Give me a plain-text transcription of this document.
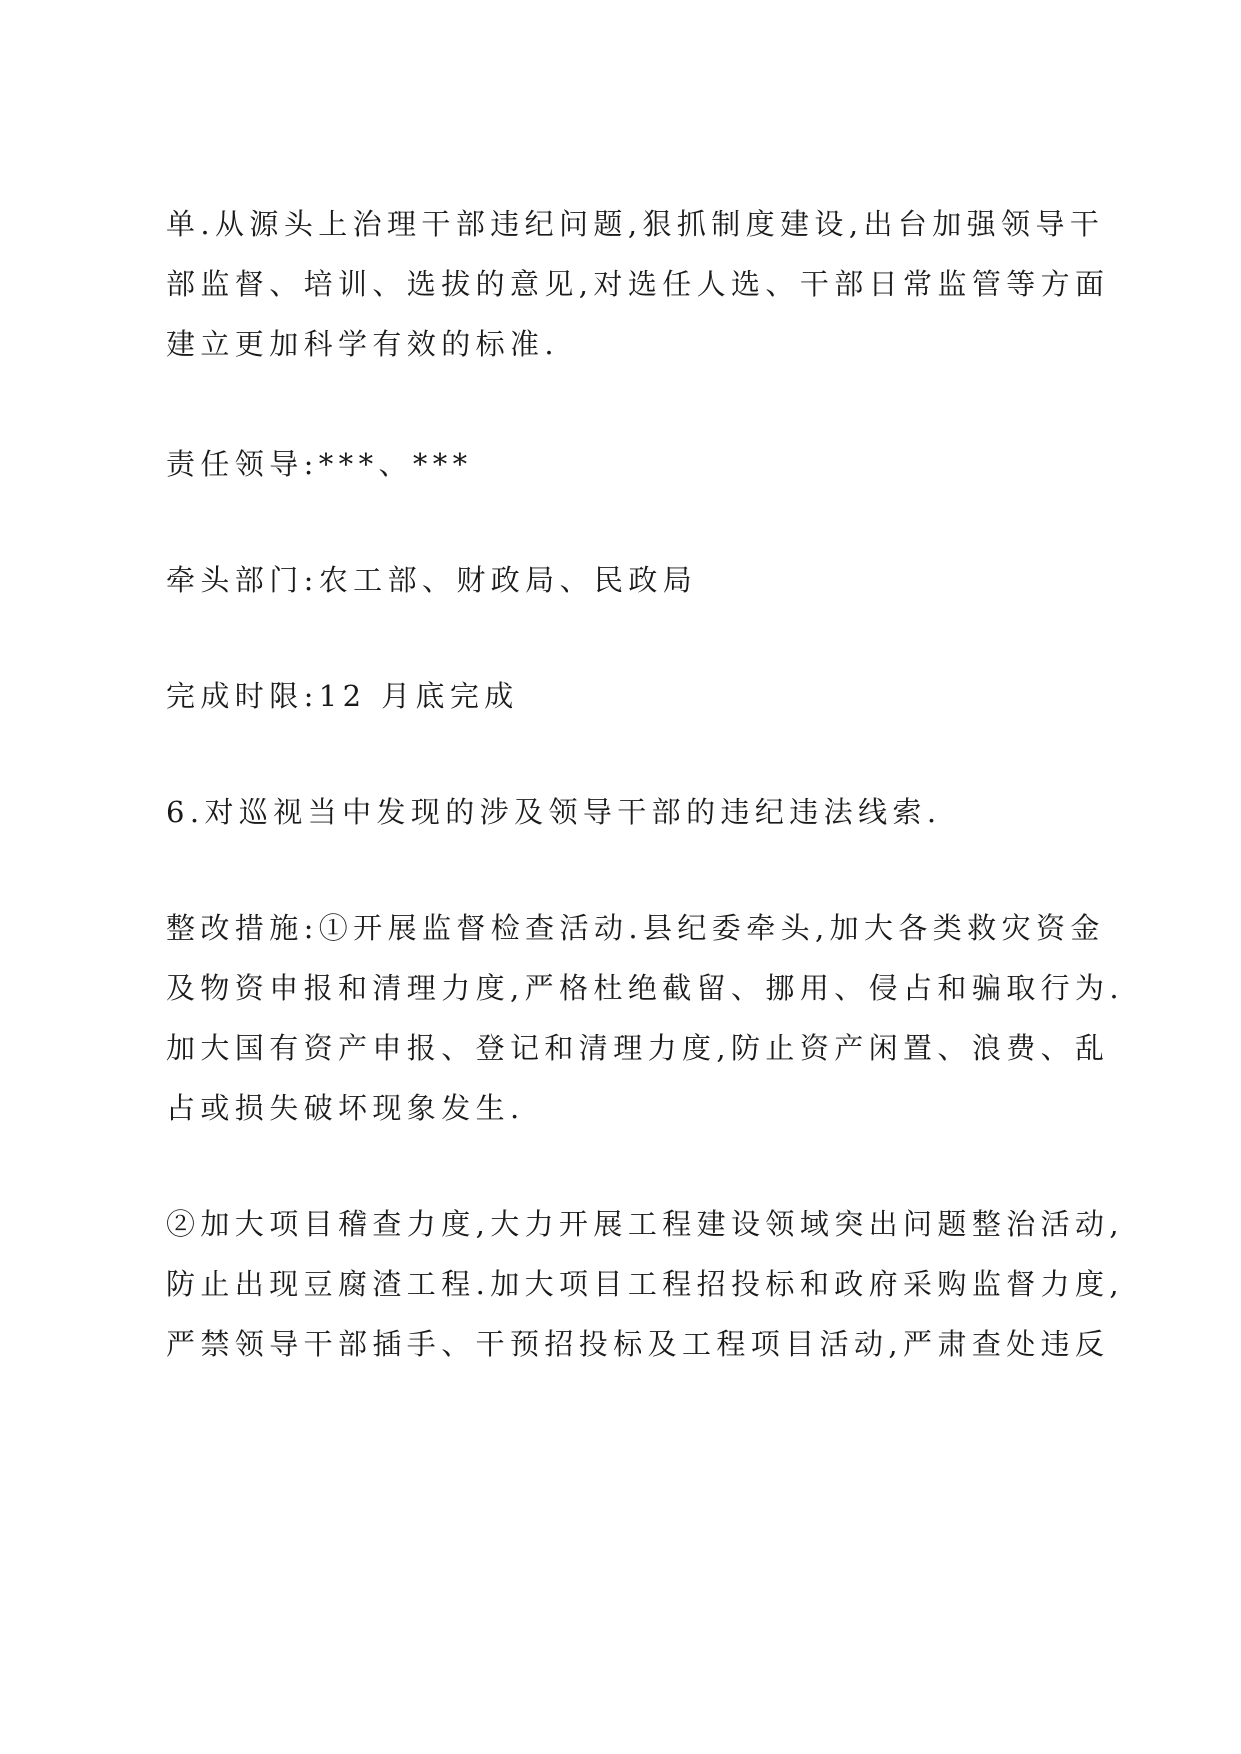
单.从源头上治理干部违纪问题,狠抓制度建设,出台加强领导干
部监督、培训、选拔的意见,对选任人选、干部日常监管等方面
建立更加科学有效的标准.
责任领导:***、***
牵头部门:农工部、财政局、民政局
完成时限:12 月底完成
6.对巡视当中发现的涉及领导干部的违纪违法线索.
整改措施:①开展监督检查活动.县纪委牵头,加大各类救灾资金
及物资申报和清理力度,严格杜绝截留、挪用、侵占和骗取行为.
加大国有资产申报、登记和清理力度,防止资产闲置、浪费、乱
占或损失破坏现象发生.
②加大项目稽查力度,大力开展工程建设领域突出问题整治活动,
防止出现豆腐渣工程.加大项目工程招投标和政府采购监督力度,
严禁领导干部插手、干预招投标及工程项目活动,严肃查处违反
